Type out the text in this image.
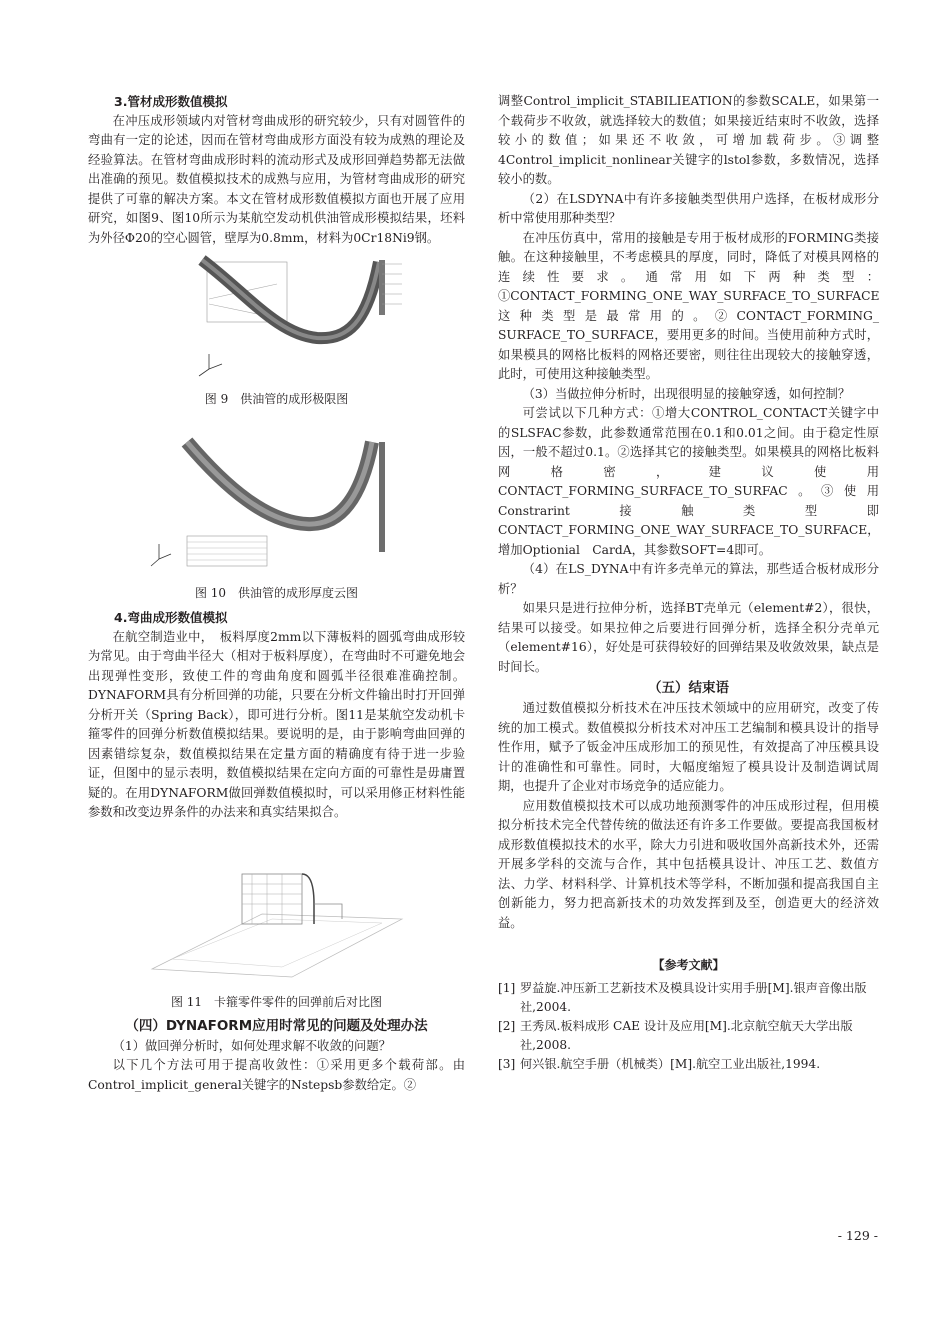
3.管材成形数值模拟

在冲压成形领域内对管材弯曲成形的研究较少，只有对圆管件的弯曲有一定的论述，因而在管材弯曲成形方面没有较为成熟的理论及经验算法。在管材弯曲成形时料的流动形式及成形回弹趋势都无法做出准确的预见。数值模拟技术的成熟与应用，为管材弯曲成形的研究提供了可靠的解决方案。本文在管材成形数值模拟方面也开展了应用研究，如图9、图10所示为某航空发动机供油管成形模拟结果，坯料为外径Φ20的空心圆管，壁厚为0.8mm，材料为0Cr18Ni9钢。

图 9　供油管的成形极限图

图 10　供油管的成形厚度云图

4.弯曲成形数值模拟

在航空制造业中，　板料厚度2mm以下薄板料的圆弧弯曲成形较为常见。由于弯曲半径大（相对于板料厚度），在弯曲时不可避免地会出现弹性变形，致使工件的弯曲角度和圆弧半径很难准确控制。DYNAFORM具有分析回弹的功能，只要在分析文件输出时打开回弹分析开关（Spring Back），即可进行分析。图11是某航空发动机卡箍零件的回弹分析数值模拟结果。要说明的是，由于影响弯曲回弹的因素错综复杂，数值模拟结果在定量方面的精确度有待于进一步验证，但图中的显示表明，数值模拟结果在定向方面的可靠性是毋庸置疑的。在用DYNAFORM做回弹数值模拟时，可以采用修正材料性能参数和改变边界条件的办法来和真实结果拟合。

图 11　卡箍零件零件的回弹前后对比图

（四）DYNAFORM应用时常见的问题及处理办法

（1）做回弹分析时，如何处理求解不收敛的问题？

以下几个方法可用于提高收敛性：①采用更多个载荷部。由Control_implicit_general关键字的Nstepsb参数给定。②

调整Control_implicit_STABILIEATION的参数SCALE，如果第一个载荷步不收敛，就选择较大的数值；如果接近结束时不收敛，选择较小的数值；如果还不收敛，可增加载荷步。③调整4Control_implicit_nonlinear关键字的lstol参数，多数情况，选择较小的数。

（2）在LSDYNA中有许多接触类型供用户选择，在板材成形分析中常使用那种类型？

在冲压仿真中，常用的接触是专用于板材成形的FORMING类接触。在这种接触里，不考虑模具的厚度，同时，降低了对模具网格的连续性要求。通常用如下两种类型：①CONTACT_FORMING_ONE_WAY_SURFACE_TO_SURFACE这种类型是最常用的。②CONTACT_FORMING_ SURFACE_TO_SURFACE，要用更多的时间。当使用前种方式时，如果模具的网格比板料的网格还要密，则往往出现较大的接触穿透，此时，可使用这种接触类型。

（3）当做拉伸分析时，出现很明显的接触穿透，如何控制？

可尝试以下几种方式：①增大CONTROL_CONTACT关键字中的SLSFAC参数，此参数通常范围在0.1和0.01之间。由于稳定性原因，一般不超过0.1。②选择其它的接触类型。如果模具的网格比板料网格密，建议使用CONTACT_FORMING_SURFACE_TO_SURFAC。③使用Constrarint接触类型即CONTACT_FORMING_ONE_WAY_SURFACE_TO_SURFACE，增加Optionial　CardA，其参数SOFT=4即可。

（4）在LS_DYNA中有许多壳单元的算法，那些适合板材成形分析？

如果只是进行拉伸分析，选择BT壳单元（element#2），很快，结果可以接受。如果拉伸之后要进行回弹分析，选择全积分壳单元（element#16），好处是可获得较好的回弹结果及收敛效果，缺点是时间长。

（五）结束语

通过数值模拟分析技术在冲压技术领域中的应用研究，改变了传统的加工模式。数值模拟分析技术对冲压工艺编制和模具设计的指导性作用，赋予了钣金冲压成形加工的预见性，有效提高了冲压模具设计的准确性和可靠性。同时，大幅度缩短了模具设计及制造调试周期，也提升了企业对市场竞争的适应能力。

应用数值模拟技术可以成功地预测零件的冲压成形过程，但用模拟分析技术完全代替传统的做法还有许多工作要做。要提高我国板材成形数值模拟技术的水平，除大力引进和吸收国外高新技术外，还需开展多学科的交流与合作，其中包括模具设计、冲压工艺、数值方法、力学、材料科学、计算机技术等学科，不断加强和提高我国自主创新能力，努力把高新技术的功效发挥到及至，创造更大的经济效益。

【参考文献】
[1] 罗益旋.冲压新工艺新技术及模具设计实用手册[M].银声音像出版社,2004.
[2] 王秀凤.板料成形 CAE 设计及应用[M].北京航空航天大学出版社,2008.
[3] 何兴银.航空手册（机械类）[M].航空工业出版社,1994.
- 129 -
